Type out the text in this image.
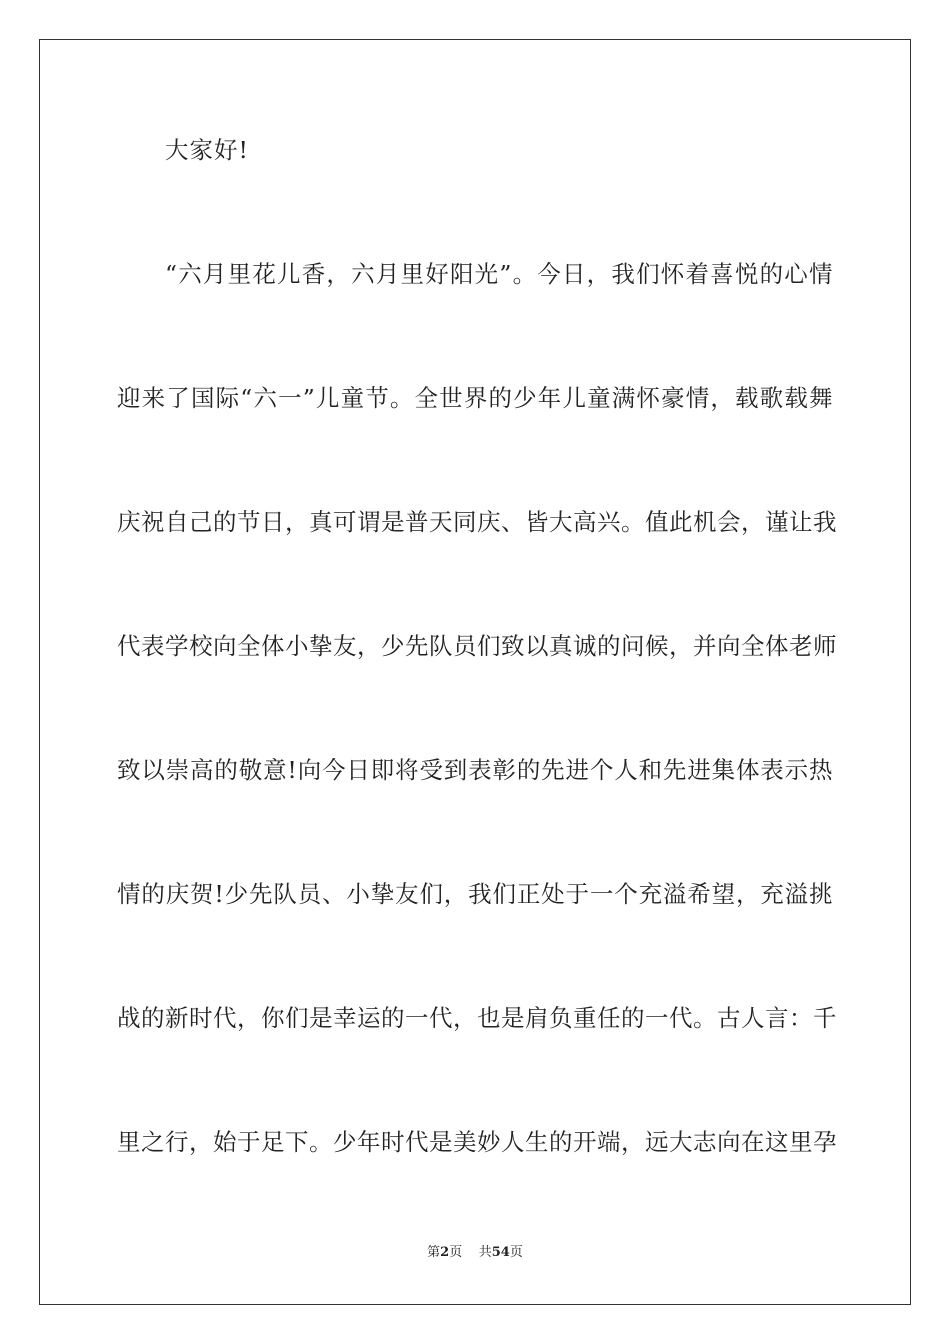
大家好!
“六月里花儿香，六月里好阳光”。今日，我们怀着喜悦的心情
迎来了国际“六一”儿童节。全世界的少年儿童满怀豪情，载歌载舞
庆祝自己的节日，真可谓是普天同庆、皆大高兴。值此机会，谨让我
代表学校向全体小挚友，少先队员们致以真诚的问候，并向全体老师
致以崇高的敬意!向今日即将受到表彰的先进个人和先进集体表示热
情的庆贺!少先队员、小挚友们，我们正处于一个充溢希望，充溢挑
战的新时代，你们是幸运的一代，也是肩负重任的一代。古人言：千
里之行，始于足下。少年时代是美妙人生的开端，远大志向在这里孕
第2页 共54页
